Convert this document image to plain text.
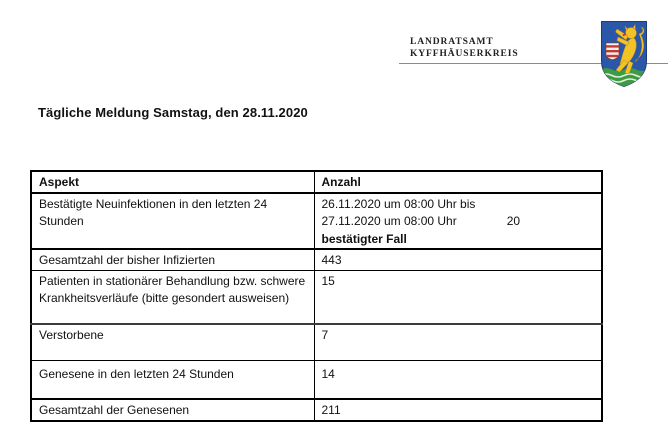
LANDRATSAMT
KYFFHÄUSERKREIS
Tägliche Meldung Samstag, den 28.11.2020
Aspekt	Anzahl
Bestätigte Neuinfektionen in den letzten 24 Stunden	26.11.2020 um 08:00 Uhr bis
27.11.2020 um 08:00 Uhr 20
bestätigter Fall

Gesamtzahl der bisher Infizierten	443
Patienten in stationärer Behandlung bzw. schwere Krankheitsverläufe (bitte gesondert ausweisen)	15
Verstorbene	7
Genesene in den letzten 24 Stunden	14
Gesamtzahl der Genesenen	211
